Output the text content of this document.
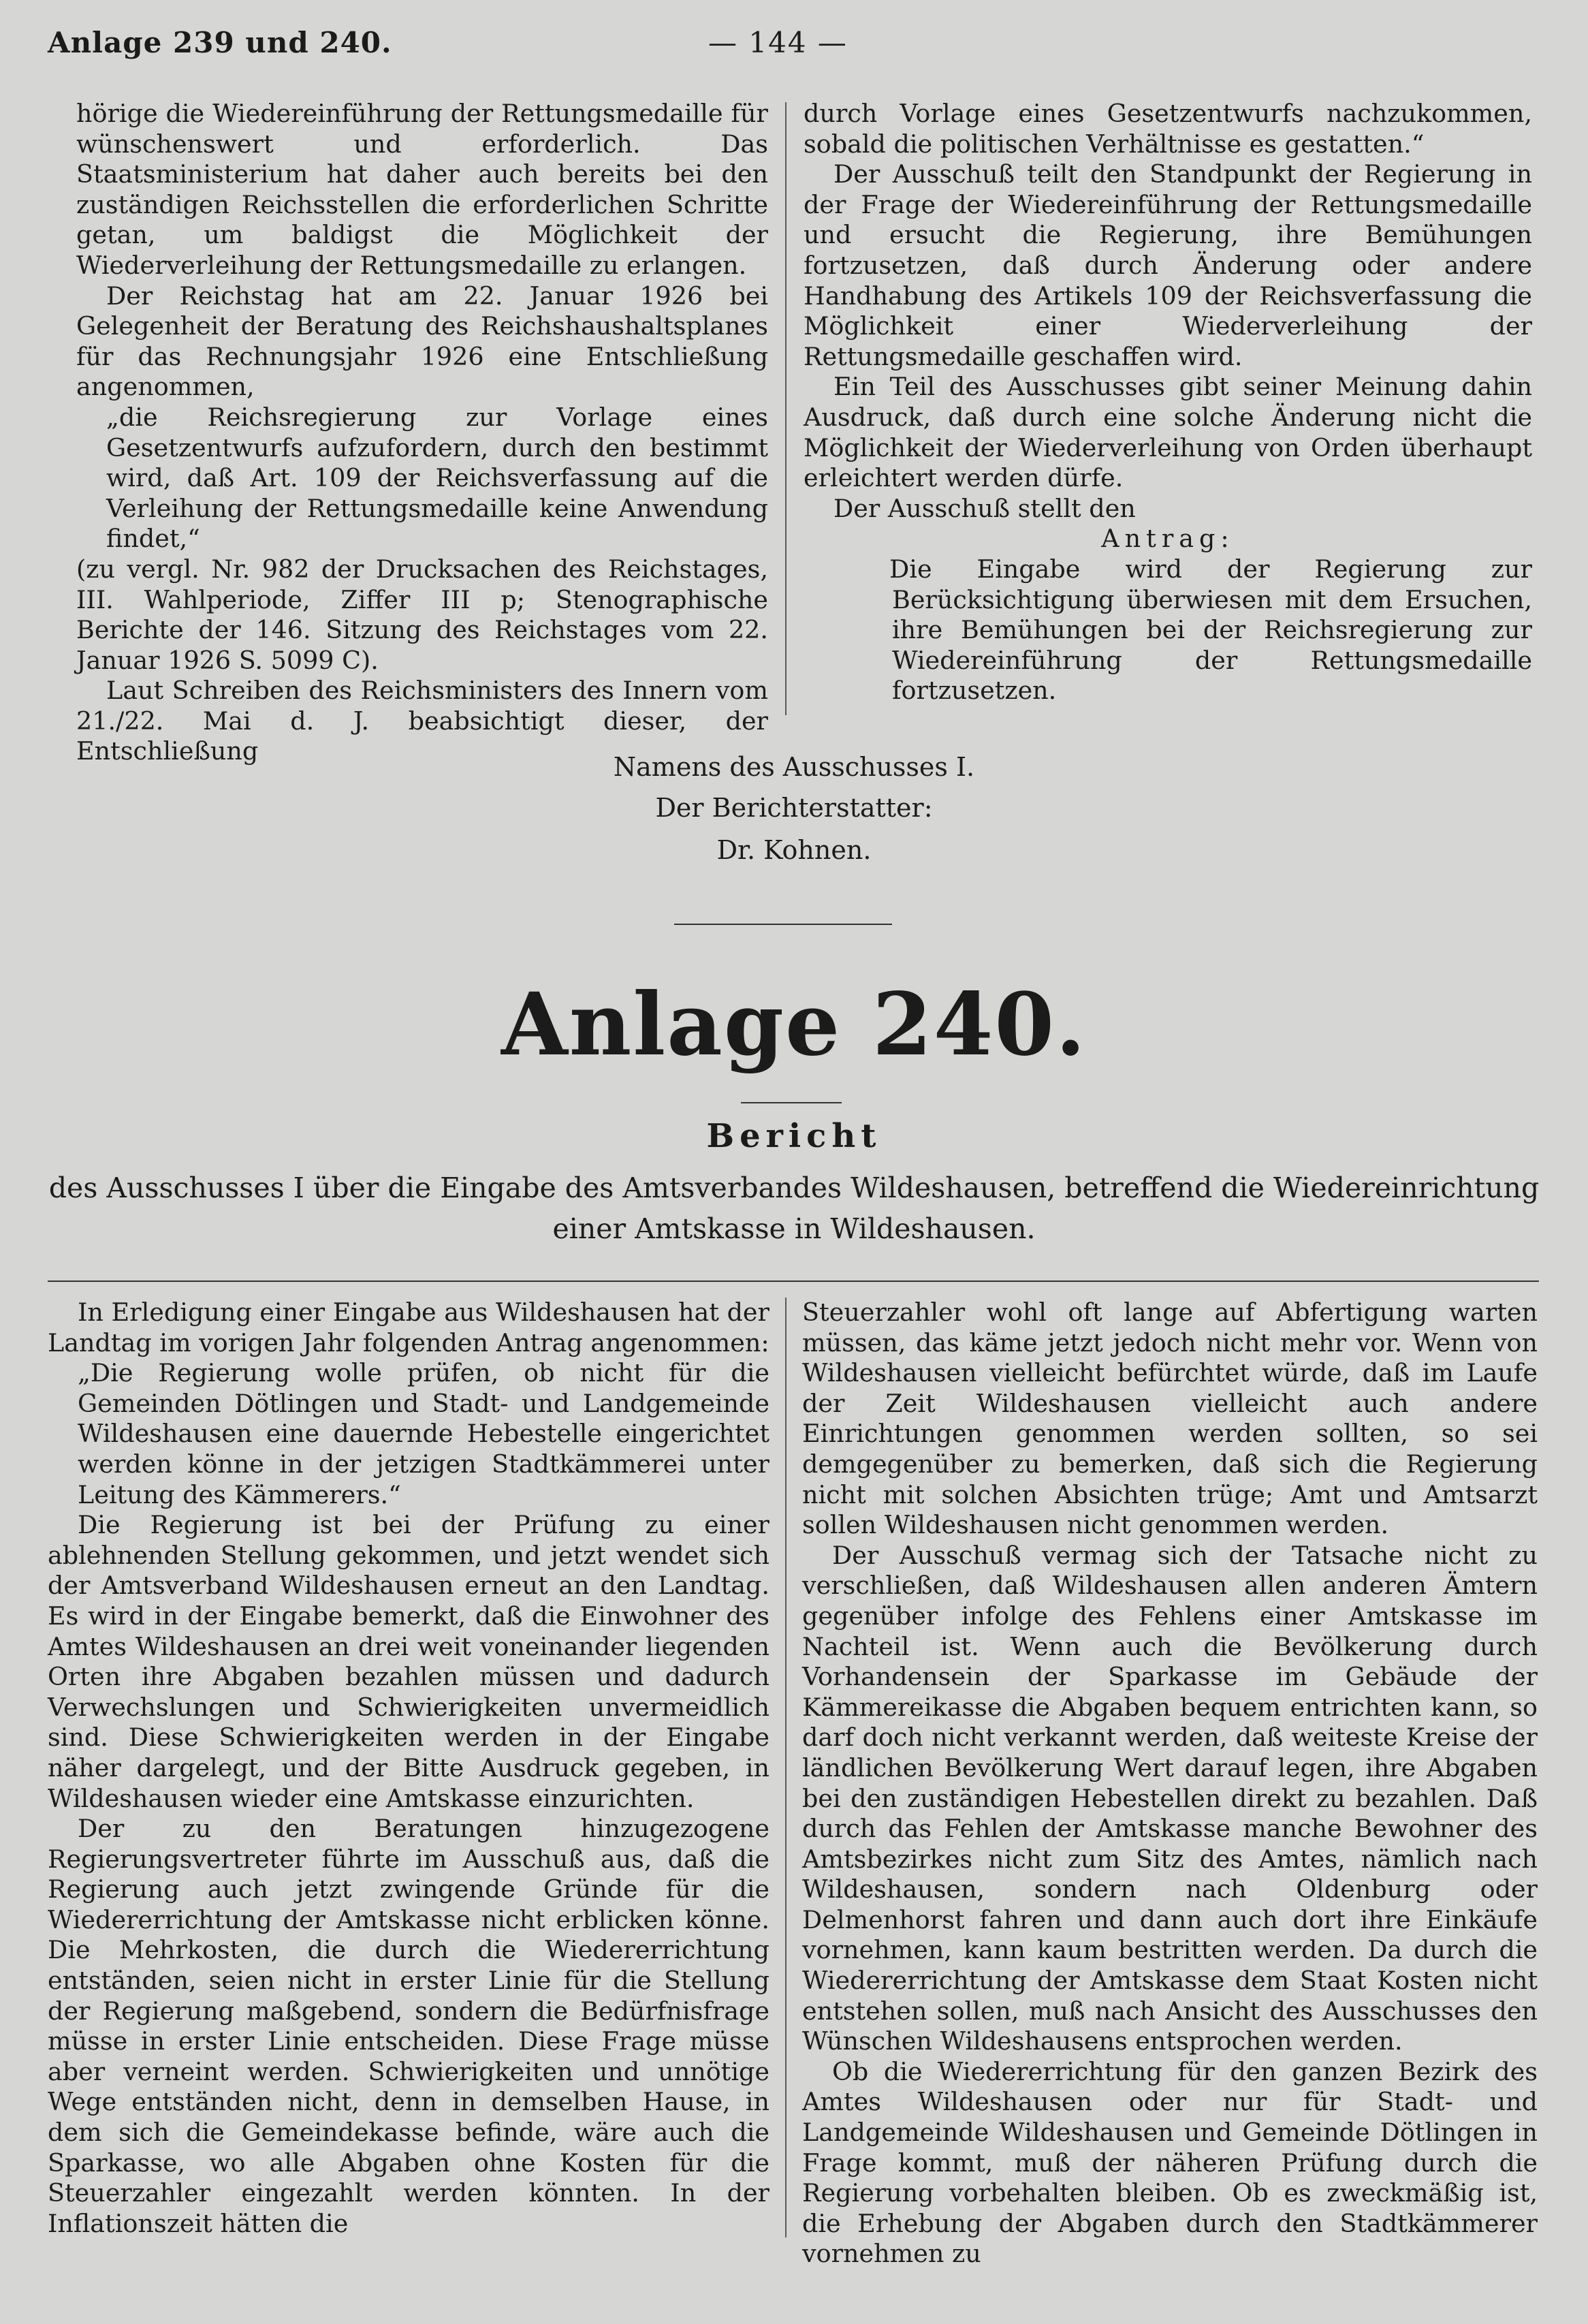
Anlage 239 und 240.	— 144 —

hörige die Wiedereinführung der Rettungsmedaille für wünschenswert und erforderlich. Das Staatsministerium hat daher auch bereits bei den zuständigen Reichsstellen die erforderlichen Schritte getan, um baldigst die Möglichkeit der Wiederverleihung der Rettungsmedaille zu erlangen.

Der Reichstag hat am 22. Januar 1926 bei Gelegenheit der Beratung des Reichshaushaltsplanes für das Rechnungsjahr 1926 eine Entschließung angenommen,

„die Reichsregierung zur Vorlage eines Gesetzentwurfs aufzufordern, durch den bestimmt wird, daß Art. 109 der Reichsverfassung auf die Verleihung der Rettungsmedaille keine Anwendung findet,“

(zu vergl. Nr. 982 der Drucksachen des Reichstages, III. Wahlperiode, Ziffer III p; Stenographische Berichte der 146. Sitzung des Reichstages vom 22. Januar 1926 S. 5099 C).

Laut Schreiben des Reichsministers des Innern vom 21./22. Mai d. J. beabsichtigt dieser, der Entschließung

durch Vorlage eines Gesetzentwurfs nachzukommen, sobald die politischen Verhältnisse es gestatten.“

Der Ausschuß teilt den Standpunkt der Regierung in der Frage der Wiedereinführung der Rettungsmedaille und ersucht die Regierung, ihre Bemühungen fortzusetzen, daß durch Änderung oder andere Handhabung des Artikels 109 der Reichsverfassung die Möglichkeit einer Wiederverleihung der Rettungsmedaille geschaffen wird.

Ein Teil des Ausschusses gibt seiner Meinung dahin Ausdruck, daß durch eine solche Änderung nicht die Möglichkeit der Wiederverleihung von Orden überhaupt erleichtert werden dürfe.

Der Ausschuß stellt den

Antrag:

Die Eingabe wird der Regierung zur Berücksichtigung überwiesen mit dem Ersuchen, ihre Bemühungen bei der Reichsregierung zur Wiedereinführung der Rettungsmedaille fortzusetzen.

Namens des Ausschusses I.
Der Berichterstatter:
Dr. Kohnen.
Anlage 240.
Bericht
des Ausschusses I über die Eingabe des Amtsverbandes Wildeshausen, betreffend die Wiedereinrichtung einer Amtskasse in Wildeshausen.

In Erledigung einer Eingabe aus Wildeshausen hat der Landtag im vorigen Jahr folgenden Antrag angenommen:

„Die Regierung wolle prüfen, ob nicht für die Gemeinden Dötlingen und Stadt- und Landgemeinde Wildeshausen eine dauernde Hebestelle eingerichtet werden könne in der jetzigen Stadtkämmerei unter Leitung des Kämmerers.“

Die Regierung ist bei der Prüfung zu einer ablehnenden Stellung gekommen, und jetzt wendet sich der Amtsverband Wildeshausen erneut an den Landtag. Es wird in der Eingabe bemerkt, daß die Einwohner des Amtes Wildeshausen an drei weit voneinander liegenden Orten ihre Abgaben bezahlen müssen und dadurch Verwechslungen und Schwierigkeiten unvermeidlich sind. Diese Schwierigkeiten werden in der Eingabe näher dargelegt, und der Bitte Ausdruck gegeben, in Wildeshausen wieder eine Amtskasse einzurichten.

Der zu den Beratungen hinzugezogene Regierungsvertreter führte im Ausschuß aus, daß die Regierung auch jetzt zwingende Gründe für die Wiedererrichtung der Amtskasse nicht erblicken könne. Die Mehrkosten, die durch die Wiedererrichtung entständen, seien nicht in erster Linie für die Stellung der Regierung maßgebend, sondern die Bedürfnisfrage müsse in erster Linie entscheiden. Diese Frage müsse aber verneint werden. Schwierigkeiten und unnötige Wege entständen nicht, denn in demselben Hause, in dem sich die Gemeindekasse befinde, wäre auch die Sparkasse, wo alle Abgaben ohne Kosten für die Steuerzahler eingezahlt werden könnten. In der Inflationszeit hätten die

Steuerzahler wohl oft lange auf Abfertigung warten müssen, das käme jetzt jedoch nicht mehr vor. Wenn von Wildeshausen vielleicht befürchtet würde, daß im Laufe der Zeit Wildeshausen vielleicht auch andere Einrichtungen genommen werden sollten, so sei demgegenüber zu bemerken, daß sich die Regierung nicht mit solchen Absichten trüge; Amt und Amtsarzt sollen Wildeshausen nicht genommen werden.

Der Ausschuß vermag sich der Tatsache nicht zu verschließen, daß Wildeshausen allen anderen Ämtern gegenüber infolge des Fehlens einer Amtskasse im Nachteil ist. Wenn auch die Bevölkerung durch Vorhandensein der Sparkasse im Gebäude der Kämmereikasse die Abgaben bequem entrichten kann, so darf doch nicht verkannt werden, daß weiteste Kreise der ländlichen Bevölkerung Wert darauf legen, ihre Abgaben bei den zuständigen Hebestellen direkt zu bezahlen. Daß durch das Fehlen der Amtskasse manche Bewohner des Amtsbezirkes nicht zum Sitz des Amtes, nämlich nach Wildeshausen, sondern nach Oldenburg oder Delmenhorst fahren und dann auch dort ihre Einkäufe vornehmen, kann kaum bestritten werden. Da durch die Wiedererrichtung der Amtskasse dem Staat Kosten nicht entstehen sollen, muß nach Ansicht des Ausschusses den Wünschen Wildeshausens entsprochen werden.

Ob die Wiedererrichtung für den ganzen Bezirk des Amtes Wildeshausen oder nur für Stadt- und Landgemeinde Wildeshausen und Gemeinde Dötlingen in Frage kommt, muß der näheren Prüfung durch die Regierung vorbehalten bleiben. Ob es zweckmäßig ist, die Erhebung der Abgaben durch den Stadtkämmerer vornehmen zu
